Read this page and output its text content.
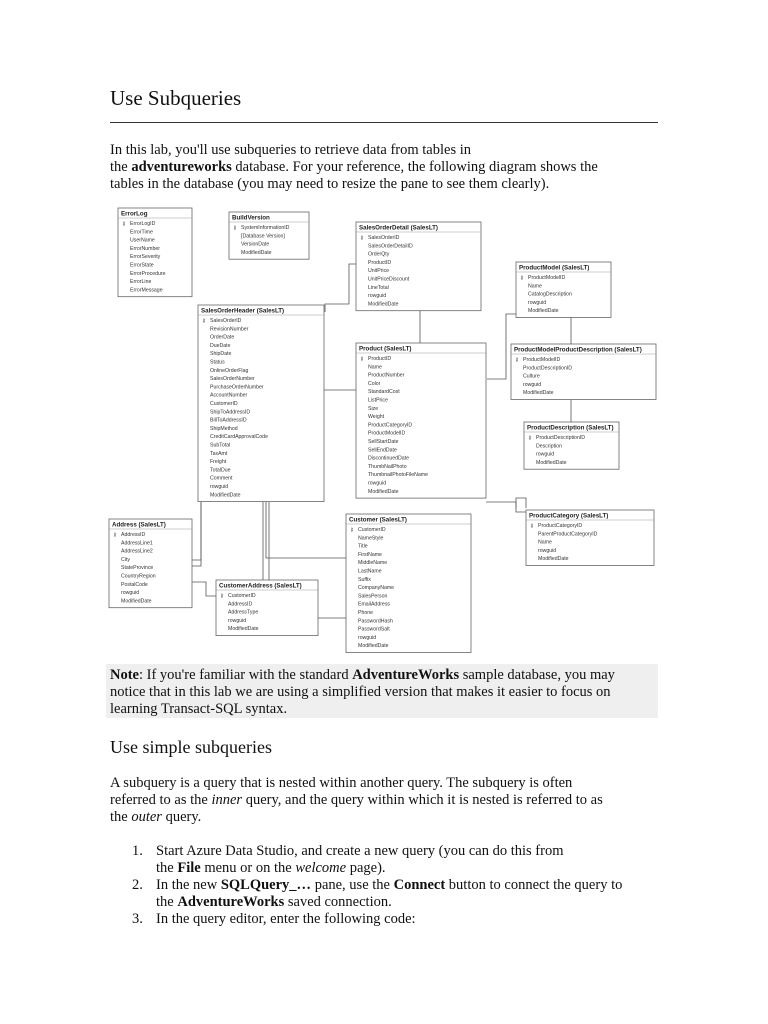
Use Subqueries

In this lab, you'll use subqueries to retrieve data from tables in

the adventureworks database. For your reference, the following diagram shows the

tables in the database (you may need to resize the pane to see them clearly).

ErrorLog
⚷ ErrorLogID
ErrorTime
UserName
ErrorNumber
ErrorSeverity
ErrorState
ErrorProcedure
ErrorLine
ErrorMessage
BuildVersion
⚷ SystemInformationID
[Database Version]
VersionDate
ModifiedDate
SalesOrderDetail (SalesLT)
⚷ SalesOrderID
SalesOrderDetailID
OrderQty
ProductID
UnitPrice
UnitPriceDiscount
LineTotal
rowguid
ModifiedDate
ProductModel (SalesLT)
⚷ ProductModelID
Name
CatalogDescription
rowguid
ModifiedDate
SalesOrderHeader (SalesLT)
⚷ SalesOrderID
RevisionNumber
OrderDate
DueDate
ShipDate
Status
OnlineOrderFlag
SalesOrderNumber
PurchaseOrderNumber
AccountNumber
CustomerID
ShipToAddressID
BillToAddressID
ShipMethod
CreditCardApprovalCode
SubTotal
TaxAmt
Freight
TotalDue
Comment
rowguid
ModifiedDate
Product (SalesLT)
⚷ ProductID
Name
ProductNumber
Color
StandardCost
ListPrice
Size
Weight
ProductCategoryID
ProductModelID
SellStartDate
SellEndDate
DiscontinuedDate
ThumbNailPhoto
ThumbnailPhotoFileName
rowguid
ModifiedDate
ProductModelProductDescription (SalesLT)
⚷ ProductModelID
ProductDescriptionID
Culture
rowguid
ModifiedDate
ProductDescription (SalesLT)
⚷ ProductDescriptionID
Description
rowguid
ModifiedDate
ProductCategory (SalesLT)
⚷ ProductCategoryID
ParentProductCategoryID
Name
rowguid
ModifiedDate
Address (SalesLT)
⚷ AddressID
AddressLine1
AddressLine2
City
StateProvince
CountryRegion
PostalCode
rowguid
ModifiedDate
Customer (SalesLT)
⚷ CustomerID
NameStyle
Title
FirstName
MiddleName
LastName
Suffix
CompanyName
SalesPerson
EmailAddress
Phone
PasswordHash
PasswordSalt
rowguid
ModifiedDate
CustomerAddress (SalesLT)
⚷ CustomerID
AddressID
AddressType
rowguid
ModifiedDate
Note: If you're familiar with the standard AdventureWorks sample database, you may
notice that in this lab we are using a simplified version that makes it easier to focus on
learning Transact-SQL syntax.
Use simple subqueries

A subquery is a query that is nested within another query. The subquery is often

referred to as the inner query, and the query within which it is nested is referred to as

the outer query.

1. Start Azure Data Studio, and create a new query (you can do this from
the File menu or on the welcome page).
2. In the new SQLQuery_… pane, use the Connect button to connect the query to
the AdventureWorks saved connection.
3. In the query editor, enter the following code:
